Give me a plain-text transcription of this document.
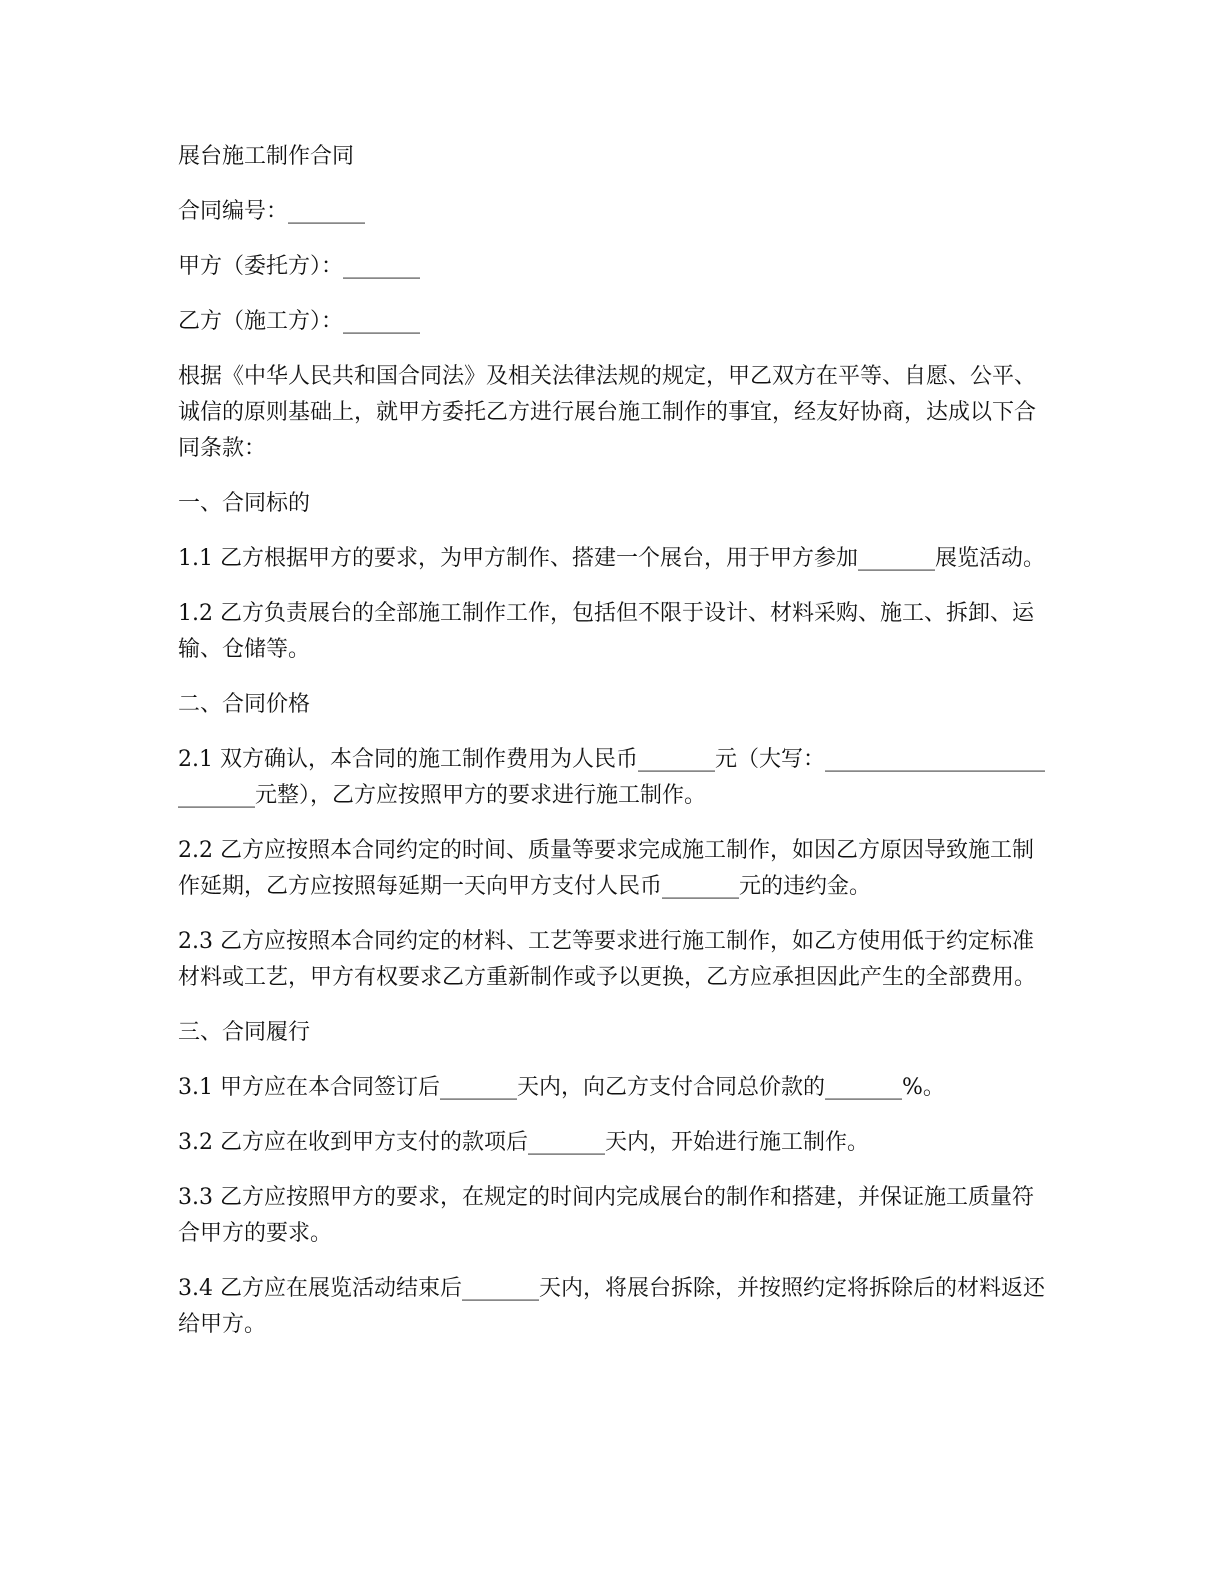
展台施工制作合同

合同编号：_______

甲方（委托方）：_______

乙方（施工方）：_______

根据《中华人民共和国合同法》及相关法律法规的规定，甲乙双方在平等、自愿、公平、诚信的原则基础上，就甲方委托乙方进行展台施工制作的事宜，经友好协商，达成以下合同条款：

一、合同标的

1.1 乙方根据甲方的要求，为甲方制作、搭建一个展台，用于甲方参加_______展览活动。

1.2 乙方负责展台的全部施工制作工作，包括但不限于设计、材料采购、施工、拆卸、运输、仓储等。

二、合同价格

2.1 双方确认，本合同的施工制作费用为人民币_______元（大写：___________________________元整），乙方应按照甲方的要求进行施工制作。

2.2 乙方应按照本合同约定的时间、质量等要求完成施工制作，如因乙方原因导致施工制作延期，乙方应按照每延期一天向甲方支付人民币_______元的违约金。

2.3 乙方应按照本合同约定的材料、工艺等要求进行施工制作，如乙方使用低于约定标准材料或工艺，甲方有权要求乙方重新制作或予以更换，乙方应承担因此产生的全部费用。

三、合同履行

3.1 甲方应在本合同签订后_______天内，向乙方支付合同总价款的_______%。

3.2 乙方应在收到甲方支付的款项后_______天内，开始进行施工制作。

3.3 乙方应按照甲方的要求，在规定的时间内完成展台的制作和搭建，并保证施工质量符合甲方的要求。

3.4 乙方应在展览活动结束后_______天内，将展台拆除，并按照约定将拆除后的材料返还给甲方。
